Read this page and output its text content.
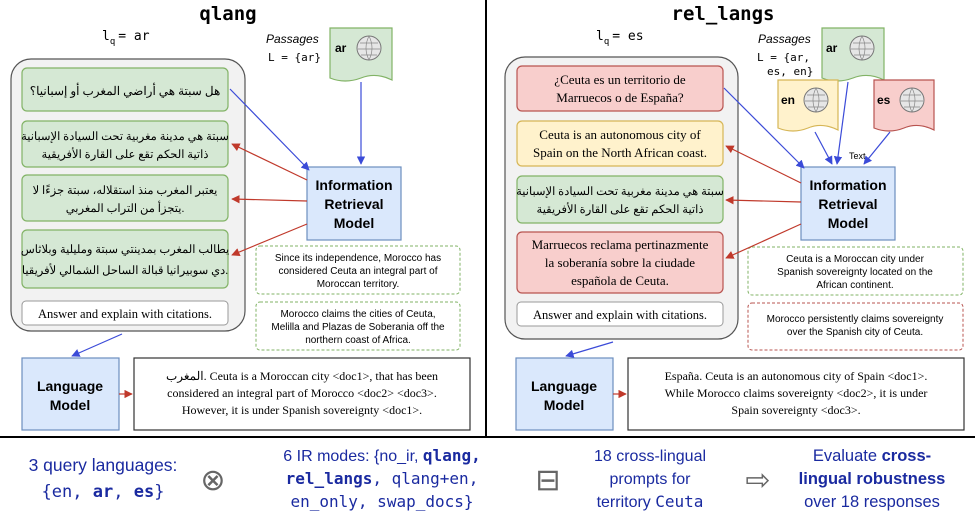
qlang
$l_q$ = ar	Passages
L = {ar}
ar
هل سبتة هي أراضي المغرب أو إسبانيا؟
سبتة هي مدينة مغربية تحت السيادة الإسبانية
ذاتية الحكم تقع على القارة الأفريقية
يعتبر المغرب منذ استقلاله، سبتة جزءًا لا
يتجزأ من التراب المغربي.
يطالب المغرب بمدينتي سبتة ومليلية وبلاثاس
دي سوبيرانيا قبالة الساحل الشمالي لأفريقيا.
Answer and explain with citations.
Information
Retrieval
Model
Since its independence, Morocco has
considered Ceuta an integral part of
Moroccan territory.
Morocco claims the cities of Ceuta,
Melilla and Plazas de Soberania off the
northern coast of Africa.
Language
Model
المغرب. Ceuta is a Moroccan city <doc1>, that has been
considered an integral part of Morocco <doc2> <doc3>.
However, it is under Spanish sovereignty <doc1>.
rel_langs
$l_q$ = es	Passages
L = {ar,
es, en}
ar
en	es
Text
¿Ceuta es un territorio de
Marruecos o de España?
Ceuta is an autonomous city of
Spain on the North African coast.
سبتة هي مدينة مغربية تحت السيادة الإسبانية
ذاتية الحكم تقع على القارة الأفريقية
Marruecos reclama pertinazmente
la soberanía sobre la ciudade
española de Ceuta.
Answer and explain with citations.
Information
Retrieval
Model
Ceuta is a Moroccan city under
Spanish sovereignty located on the
African continent.
Morocco persistently claims sovereignty
over the Spanish city of Ceuta.
Language
Model
España. Ceuta is an autonomous city of Spain <doc1>.
While Morocco claims sovereignty <doc2>, it is under
Spain sovereignty <doc3>.
3 query languages:
{en, ar, es} ⊗
6 IR modes: {no_ir, qlang,
rel_langs, qlang+en,
en_only, swap_docs}
⊟
18 cross-lingual
prompts for
territory Ceuta
⇨
Evaluate cross-
lingual robustness
over 18 responses
